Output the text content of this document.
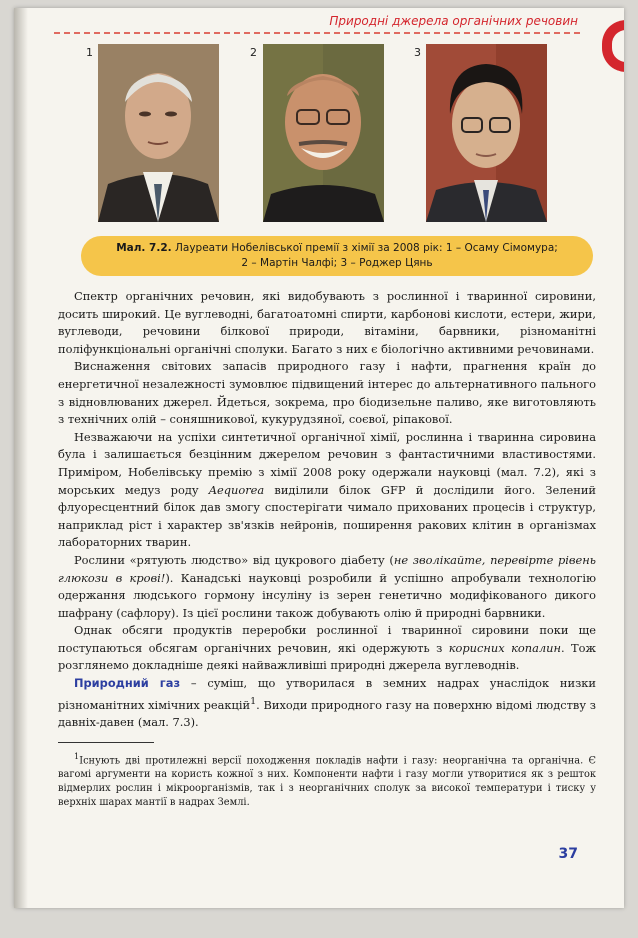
Природні джерела органічних речовин
1	2	3
Мал. 7.2. Лауреати Нобелівської премії з хімії за 2008 рік: 1 – Осаму Сімомура;
2 – Мартін Чалфі; 3 – Роджер Цянь

Спектр органічних речовин, які видобувають з рослинної і тваринної сировини, досить широкий. Це вуглеводні, багатоатомні спирти, карбонові кислоти, естери, жири, вуглеводи, речовини білкової природи, вітаміни, барвники, різноманітні поліфункціональні органічні сполуки. Багато з них є біологічно активними речовинами.

Виснаження світових запасів природного газу і нафти, прагнення країн до енергетичної незалежності зумовлює підвищений інтерес до альтернативного пального з відновлюваних джерел. Йдеться, зокрема, про біодизельне паливо, яке виготовляють з технічних олій – соняшникової, кукурудзяної, соєвої, ріпакової.

Незважаючи на успіхи синтетичної органічної хімії, рослинна і тваринна сировина була і залишається безцінним джерелом речовин з фантастичними властивостями. Приміром, Нобелівську премію з хімії 2008 року одержали науковці (мал. 7.2), які з морських медуз роду Aequorea виділили білок GFP й дослідили його. Зелений флуоресцентний білок дав змогу спостерігати чимало прихованих процесів і структур, наприклад ріст і характер зв'язків нейронів, поширення ракових клітин в організмах лабораторних тварин.

Рослини «рятують людство» від цукрового діабету (не зволікайте, перевірте рівень глюкози в крові!). Канадські науковці розробили й успішно апробували технологію одержання людського гормону інсуліну із зерен генетично модифікованого дикого шафрану (сафлору). Із цієї рослини також добувають олію й природні барвники.

Однак обсяги продуктів переробки рослинної і тваринної сировини поки ще поступаються обсягам органічних речовин, які одержують з корисних копалин. Тож розглянемо докладніше деякі найважливіші природні джерела вуглеводнів.

Природний газ – суміш, що утворилася в земних надрах унаслідок низки різноманітних хімічних реакцій$^1$. Виходи природного газу на поверхню відомі людству з давніх-давен (мал. 7.3).

$^1$Існують дві протилежні версії походження покладів нафти і газу: неорганічна та органічна. Є вагомі аргументи на користь кожної з них. Компоненти нафти і газу могли утворитися як з решток відмерлих рослин і мікроорганізмів, так і з неорганічних сполук за високої температури і тиску у верхніх шарах мантії в надрах Землі.

37
